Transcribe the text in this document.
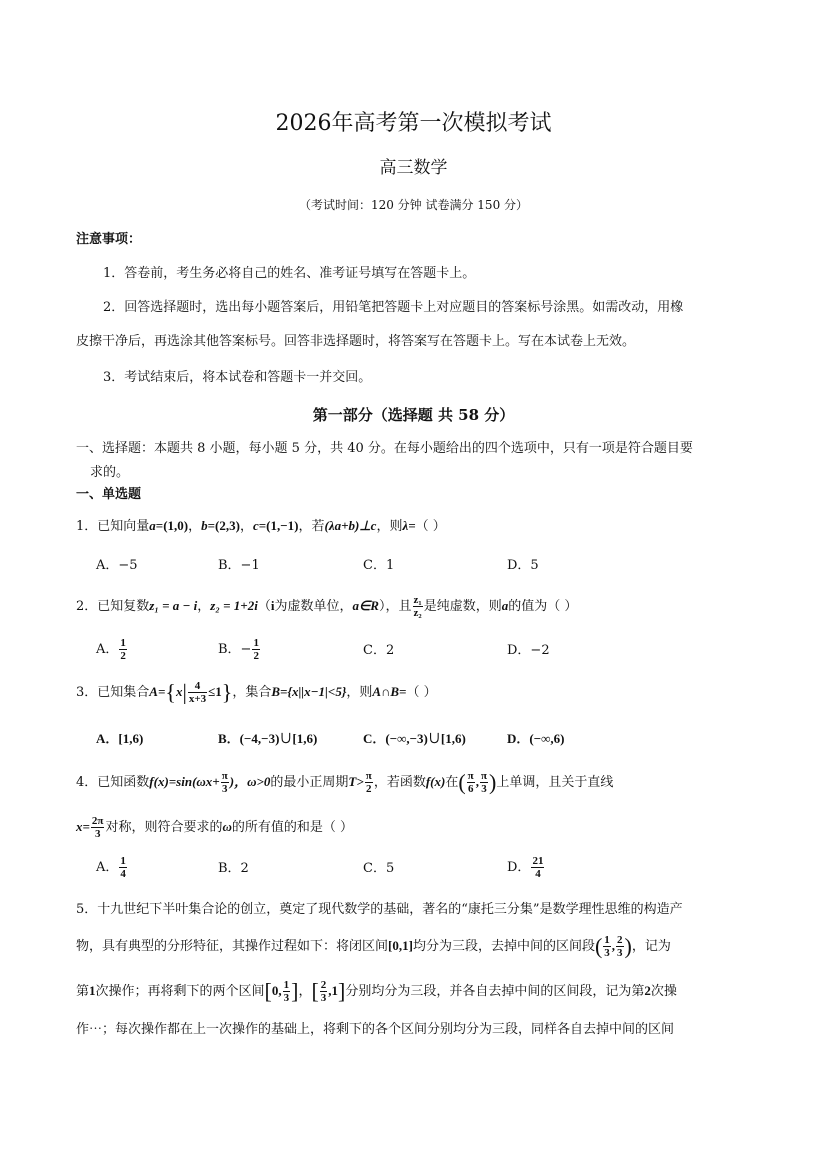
2026年高考第一次模拟考试
高三数学
（考试时间：120 分钟 试卷满分 150 分）
注意事项：
1．答卷前，考生务必将自己的姓名、准考证号填写在答题卡上。
2．回答选择题时，选出每小题答案后，用铅笔把答题卡上对应题目的答案标号涂黑。如需改动，用橡
皮擦干净后，再选涂其他答案标号。回答非选择题时，将答案写在答题卡上。写在本试卷上无效。
3．考试结束后，将本试卷和答题卡一并交回。
第一部分（选择题 共 58 分）
一、选择题：本题共 8 小题，每小题 5 分，共 40 分。在每小题给出的四个选项中，只有一项是符合题目要
求的。
一、单选题
1．已知向量a=(1,0)，b=(2,3)，c=(1,−1)，若(λa+b)⊥c，则λ=（ ）
A．−5	B．−1	C．1	D．5
2．已知复数z₁ = a − i，z₂ = 1+2i（i为虚数单位，a∈R），且 $\frac{\text{z₁}}{\text{z₂}}$ 是纯虚数，则a的值为（ ）
A． $\frac{1}{2}$	B．− $\frac{1}{2}$	C．2	D．−2
3．已知集合$A=\{x| \frac{4}{x+3} \le 1\}$，集合B={x||x−1|<5}，则A∩B=（ ）
A．[1,6)	B．(−4,−3)∪[1,6)	C．(−∞,−3)∪[1,6)	D．(−∞,6)
4．已知函数$f(x)=\sin(\omega x+ \frac{\pi}{3}$ )，ω>0的最小正周期$T> \frac{\pi}{2}$ ，若函数f(x)在( $\frac{\pi}{6}$ , $\frac{\pi}{3}$ )上单调，且关于直线
$x= \frac{2\pi}{3}$ 对称，则符合要求的ω的所有值的和是（ ）
A． $\frac{1}{4}$	B．2	C．5	D． $\frac{21}{4}$
5．十九世纪下半叶集合论的创立，奠定了现代数学的基础，著名的“康托三分集”是数学理性思维的构造产
物，具有典型的分形特征，其操作过程如下：将闭区间[0,1]均分为三段，去掉中间的区间段( $\frac{1}{3}$ , $\frac{2}{3}$ )，记为
第1次操作；再将剩下的两个区间[0, $\frac{1}{3}$ ]，[ $\frac{2}{3} ,1$]分别均分为三段，并各自去掉中间的区间段，记为第2次操
作⋯；每次操作都在上一次操作的基础上，将剩下的各个区间分别均分为三段，同样各自去掉中间的区间
